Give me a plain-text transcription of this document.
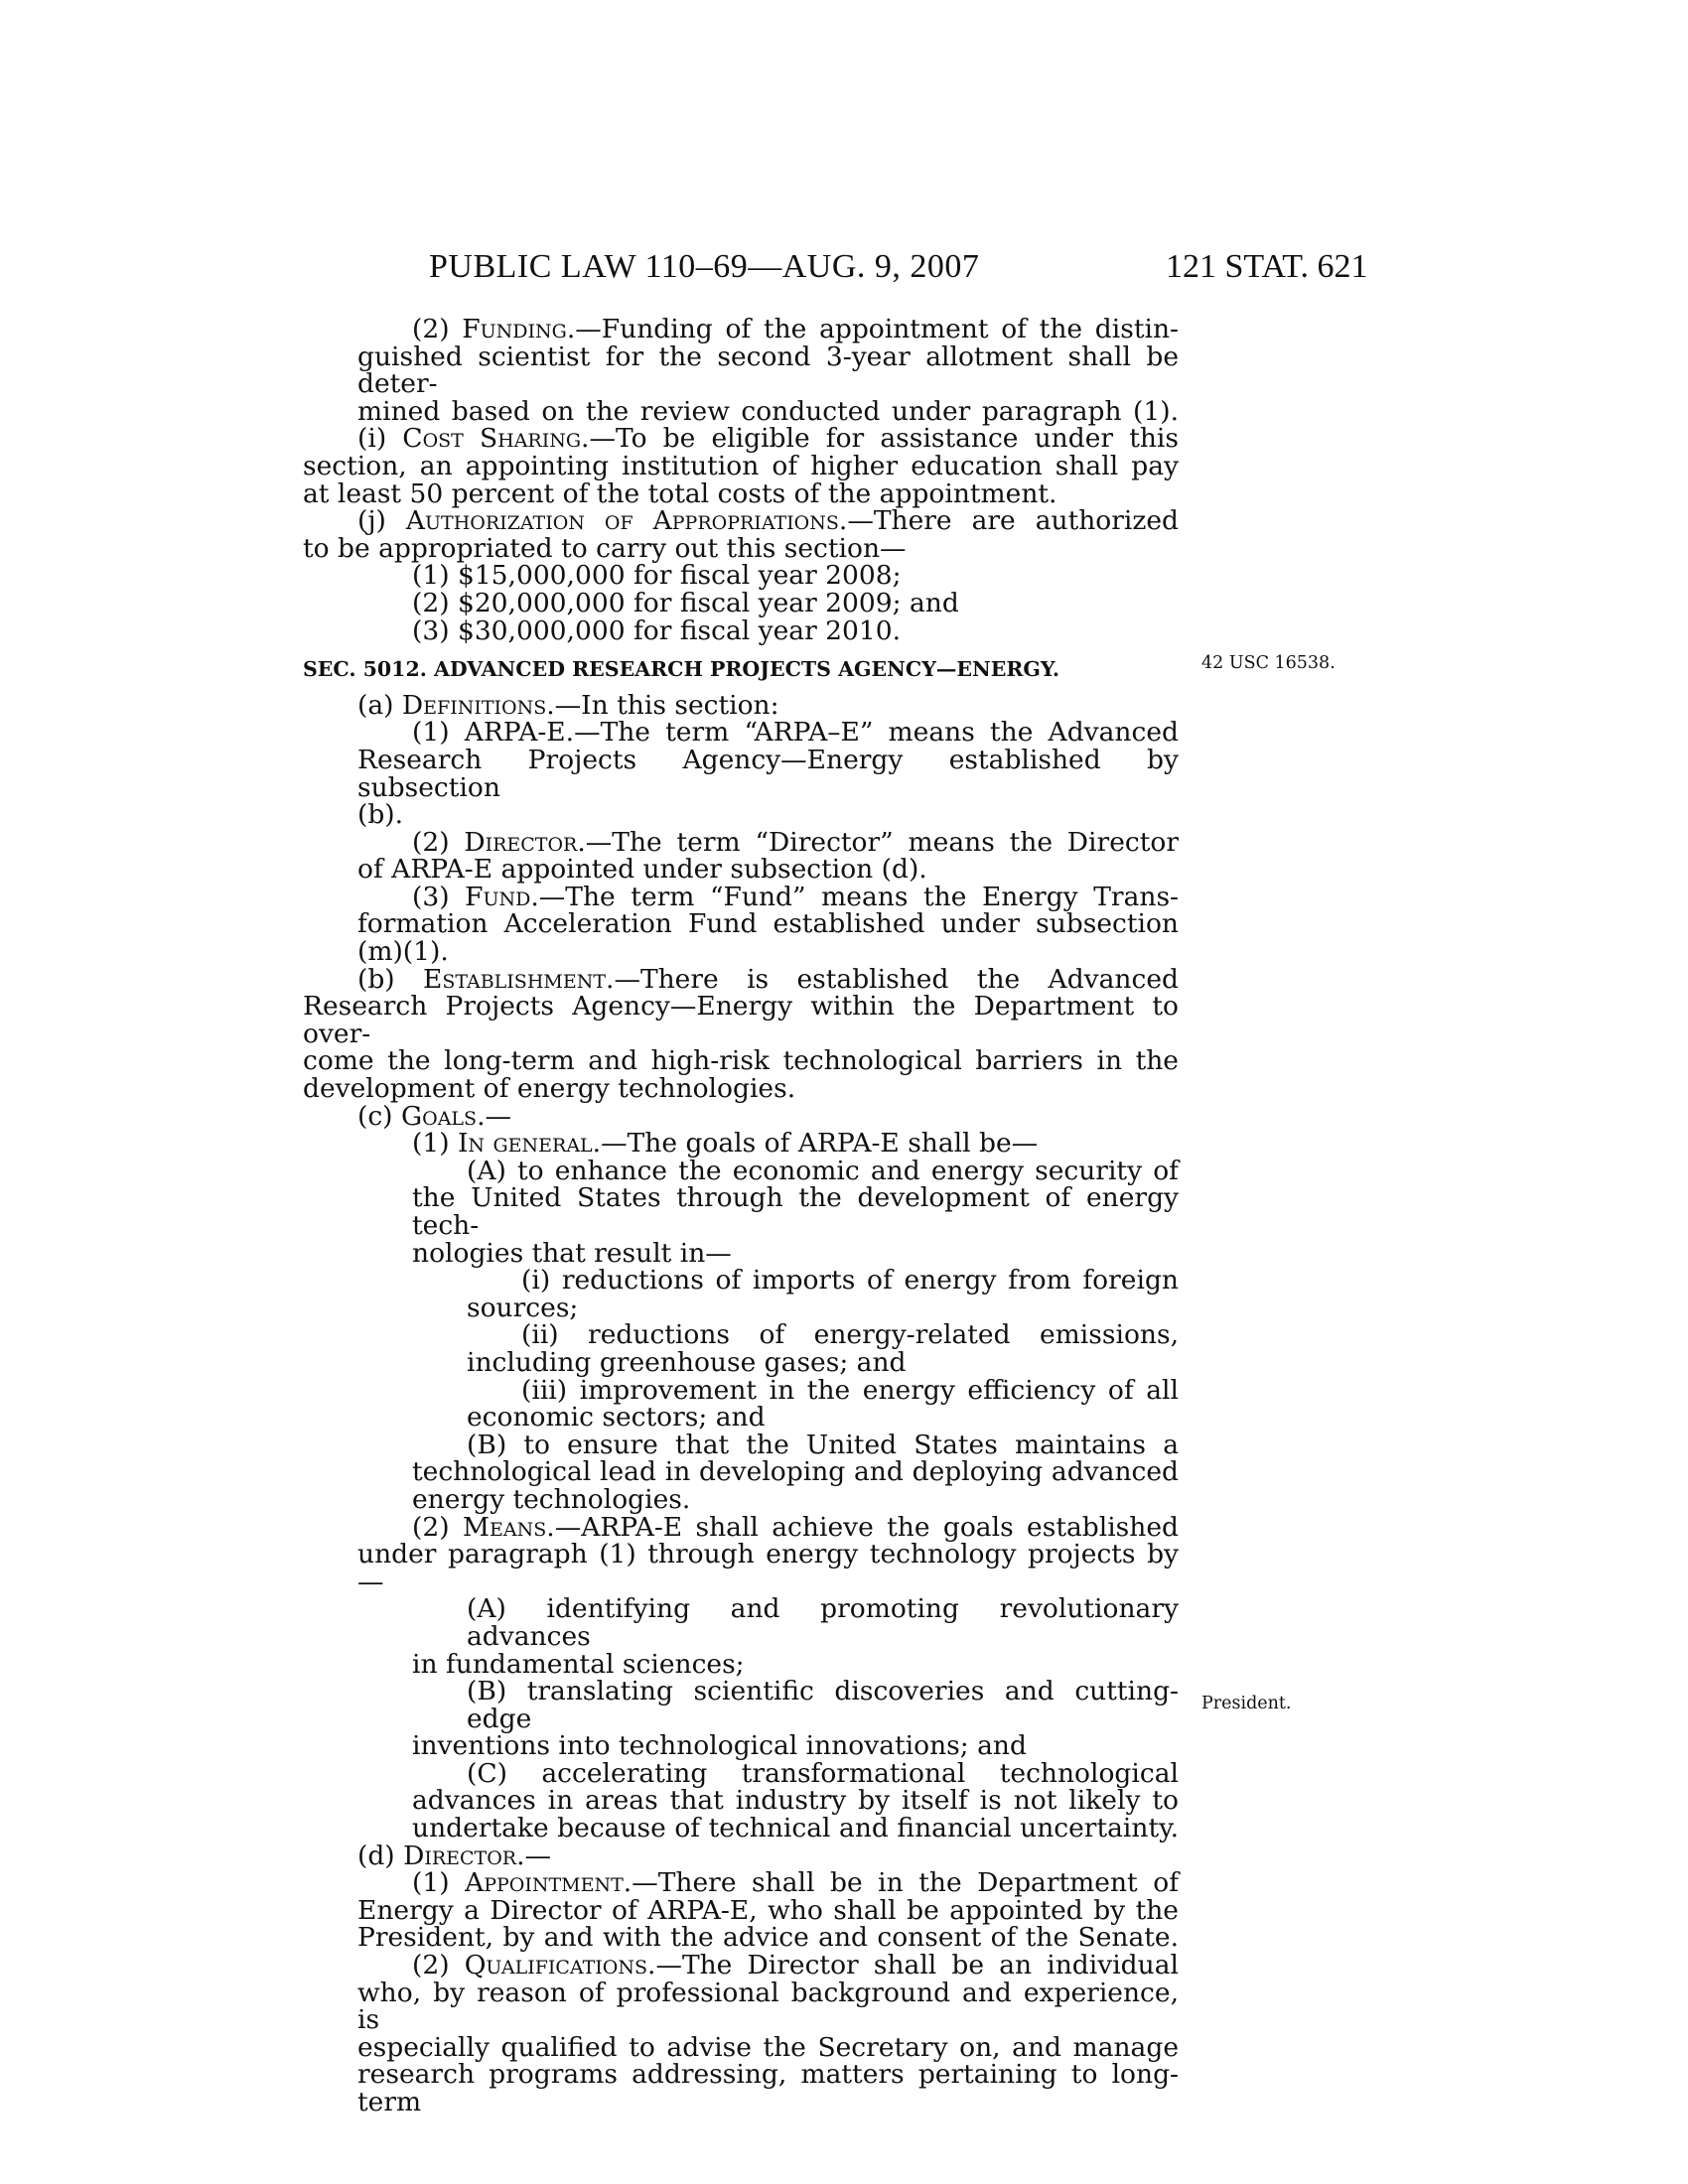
PUBLIC LAW 110–69—AUG. 9, 2007	121 STAT. 621
42 USC 16538.
President.
(2) Funding.—Funding of the appointment of the distin-
guished scientist for the second 3-year allotment shall be deter-
mined based on the review conducted under paragraph (1).
(i) Cost Sharing.—To be eligible for assistance under this
section, an appointing institution of higher education shall pay
at least 50 percent of the total costs of the appointment.
(j) Authorization of Appropriations.—There are authorized
to be appropriated to carry out this section—
(1) $15,000,000 for fiscal year 2008;
(2) $20,000,000 for fiscal year 2009; and
(3) $30,000,000 for fiscal year 2010.
SEC. 5012. ADVANCED RESEARCH PROJECTS AGENCY—ENERGY.
(a) Definitions.—In this section:
(1) ARPA-E.—The term “ARPA–E” means the Advanced
Research Projects Agency—Energy established by subsection
(b).
(2) Director.—The term “Director” means the Director
of ARPA-E appointed under subsection (d).
(3) Fund.—The term “Fund” means the Energy Trans-
formation Acceleration Fund established under subsection
(m)(1).
(b) Establishment.—There is established the Advanced
Research Projects Agency—Energy within the Department to over-
come the long-term and high-risk technological barriers in the
development of energy technologies.
(c) Goals.—
(1) In general.—The goals of ARPA-E shall be—
(A) to enhance the economic and energy security of
the United States through the development of energy tech-
nologies that result in—
(i) reductions of imports of energy from foreign
sources;
(ii) reductions of energy-related emissions,
including greenhouse gases; and
(iii) improvement in the energy efficiency of all
economic sectors; and
(B) to ensure that the United States maintains a
technological lead in developing and deploying advanced
energy technologies.
(2) Means.—ARPA-E shall achieve the goals established
under paragraph (1) through energy technology projects by—
(A) identifying and promoting revolutionary advances
in fundamental sciences;
(B) translating scientific discoveries and cutting-edge
inventions into technological innovations; and
(C) accelerating transformational technological
advances in areas that industry by itself is not likely to
undertake because of technical and financial uncertainty.
(d) Director.—
(1) Appointment.—There shall be in the Department of
Energy a Director of ARPA-E, who shall be appointed by the
President, by and with the advice and consent of the Senate.
(2) Qualifications.—The Director shall be an individual
who, by reason of professional background and experience, is
especially qualified to advise the Secretary on, and manage
research programs addressing, matters pertaining to long-term
